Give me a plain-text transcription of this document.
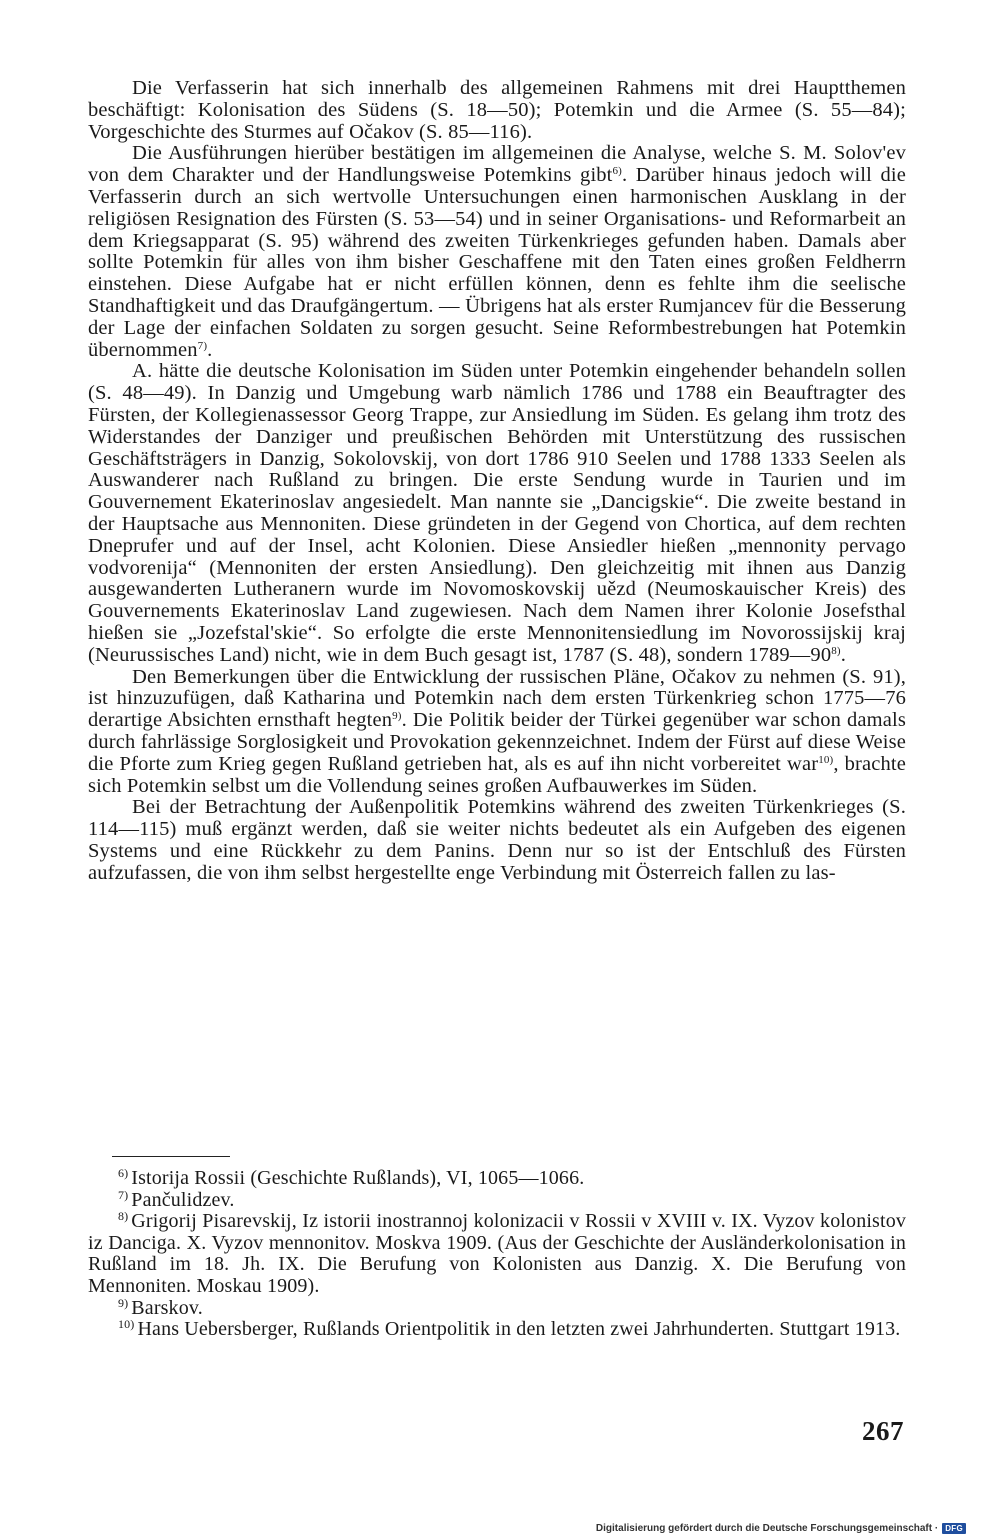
Die Verfasserin hat sich innerhalb des allgemeinen Rahmens mit drei Hauptthemen beschäftigt: Kolonisation des Südens (S. 18—50); Potemkin und die Armee (S. 55—84); Vorgeschichte des Sturmes auf Očakov (S. 85—116).

Die Ausführungen hierüber bestätigen im allgemeinen die Analyse, welche S. M. Solov'ev von dem Charakter und der Handlungsweise Potemkins gibt$^{6)}$. Darüber hinaus jedoch will die Verfasserin durch an sich wertvolle Untersuchungen einen harmonischen Ausklang in der religiösen Resignation des Fürsten (S. 53—54) und in seiner Organisations- und Reformarbeit an dem Kriegsapparat (S. 95) während des zweiten Türkenkrieges gefunden haben. Damals aber sollte Potemkin für alles von ihm bisher Geschaffene mit den Taten eines großen Feldherrn einstehen. Diese Aufgabe hat er nicht erfüllen können, denn es fehlte ihm die seelische Standhaftigkeit und das Draufgängertum. — Übrigens hat als erster Rumjancev für die Besserung der Lage der einfachen Soldaten zu sorgen gesucht. Seine Reformbestrebungen hat Potemkin übernommen$^{7)}$.

A. hätte die deutsche Kolonisation im Süden unter Potemkin eingehender behandeln sollen (S. 48—49). In Danzig und Umgebung warb nämlich 1786 und 1788 ein Beauftragter des Fürsten, der Kollegienassessor Georg Trappe, zur Ansiedlung im Süden. Es gelang ihm trotz des Widerstandes der Danziger und preußischen Behörden mit Unterstützung des russischen Geschäftsträgers in Danzig, Sokolovskij, von dort 1786 910 Seelen und 1788 1333 Seelen als Auswanderer nach Rußland zu bringen. Die erste Sendung wurde in Taurien und im Gouvernement Ekaterinoslav angesiedelt. Man nannte sie „Dancigskie“. Die zweite bestand in der Hauptsache aus Mennoniten. Diese gründeten in der Gegend von Chortica, auf dem rechten Dneprufer und auf der Insel, acht Kolonien. Diese Ansiedler hießen „mennonity pervago vodvorenija“ (Mennoniten der ersten Ansiedlung). Den gleichzeitig mit ihnen aus Danzig ausgewanderten Lutheranern wurde im Novomoskovskij uězd (Neumoskauischer Kreis) des Gouvernements Ekaterinoslav Land zugewiesen. Nach dem Namen ihrer Kolonie Josefsthal hießen sie „Jozefstal'skie“. So erfolgte die erste Mennonitensiedlung im Novorossijskij kraj (Neurussisches Land) nicht, wie in dem Buch gesagt ist, 1787 (S. 48), sondern 1789—90$^{8)}$.

Den Bemerkungen über die Entwicklung der russischen Pläne, Očakov zu nehmen (S. 91), ist hinzuzufügen, daß Katharina und Potemkin nach dem ersten Türkenkrieg schon 1775—76 derartige Absichten ernsthaft hegten$^{9)}$. Die Politik beider der Türkei gegenüber war schon damals durch fahrlässige Sorglosigkeit und Provokation gekennzeichnet. Indem der Fürst auf diese Weise die Pforte zum Krieg gegen Rußland getrieben hat, als es auf ihn nicht vorbereitet war$^{10)}$, brachte sich Potemkin selbst um die Vollendung seines großen Aufbauwerkes im Süden.

Bei der Betrachtung der Außenpolitik Potemkins während des zweiten Türkenkrieges (S. 114—115) muß ergänzt werden, daß sie weiter nichts bedeutet als ein Aufgeben des eigenen Systems und eine Rückkehr zu dem Panins. Denn nur so ist der Entschluß des Fürsten aufzufassen, die von ihm selbst hergestellte enge Verbindung mit Österreich fallen zu las-

$^{6)}$ Istorija Rossii (Geschichte Rußlands), VI, 1065—1066.

$^{7)}$ Pančulidzev.

$^{8)}$ Grigorij Pisarevskij, Iz istorii inostrannoj kolonizacii v Rossii v XVIII v. IX. Vyzov kolonistov iz Danciga. X. Vyzov mennonitov. Moskva 1909. (Aus der Geschichte der Ausländerkolonisation in Rußland im 18. Jh. IX. Die Berufung von Kolonisten aus Danzig. X. Die Berufung von Mennoniten. Moskau 1909).

$^{9)}$ Barskov.

$^{10)}$ Hans Uebersberger, Rußlands Orientpolitik in den letzten zwei Jahrhunderten. Stuttgart 1913.

267
Digitalisierung gefördert durch die Deutsche Forschungsgemeinschaft · DFG
